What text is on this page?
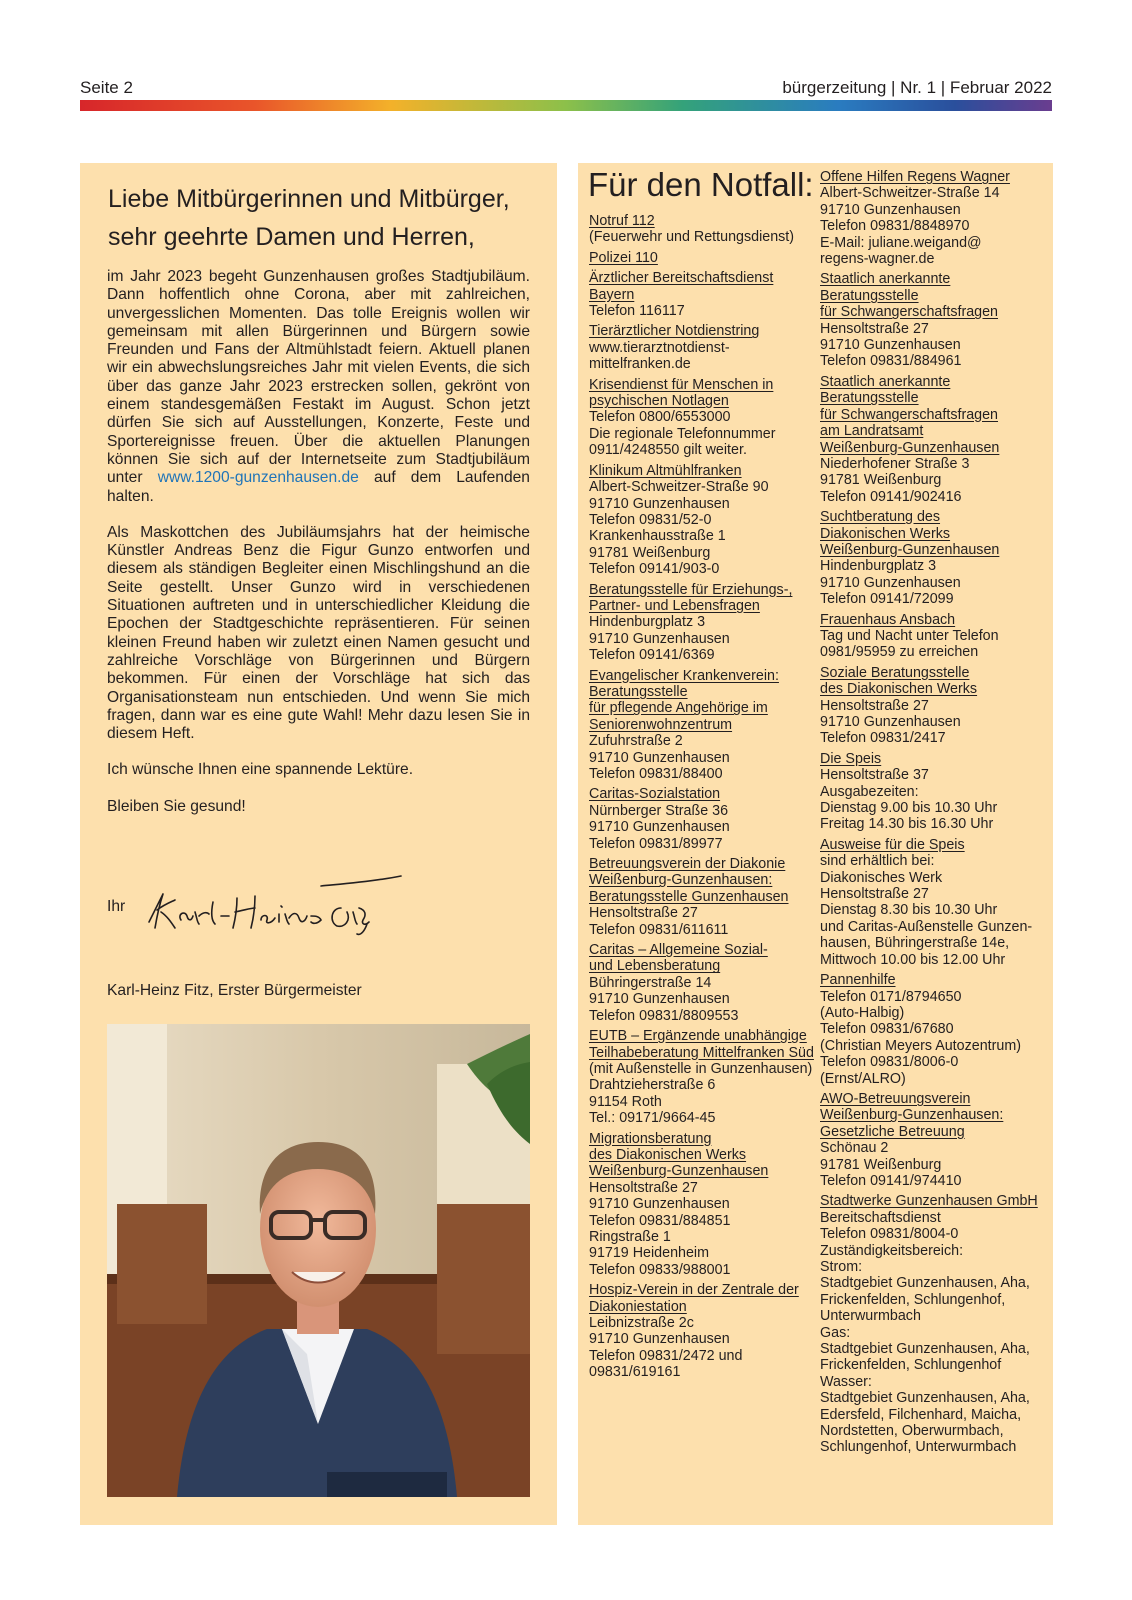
Seite 2	bürgerzeitung | Nr. 1 | Februar 2022
Liebe Mitbürgerinnen und Mitbürger,
sehr geehrte Damen und Herren,

im Jahr 2023 begeht Gunzenhausen großes Stadtjubiläum. Dann hoffentlich ohne Corona, aber mit zahlreichen, unvergesslichen Momenten. Das tolle Ereignis wollen wir gemeinsam mit allen Bürgerinnen und Bürgern sowie Freunden und Fans der Altmühlstadt feiern. Aktuell planen wir ein abwechslungsreiches Jahr mit vielen Events, die sich über das ganze Jahr 2023 erstrecken sollen, gekrönt von einem standesgemäßen Festakt im August. Schon jetzt dürfen Sie sich auf Ausstellungen, Konzerte, Feste und Sportereignisse freuen. Über die aktuellen Planungen können Sie sich auf der Internetseite zum Stadtjubiläum unter www.1200-gunzenhausen.de auf dem Laufenden halten.

Als Maskottchen des Jubiläumsjahrs hat der heimische Künstler Andreas Benz die Figur Gunzo entworfen und diesem als ständigen Begleiter einen Mischlingshund an die Seite gestellt. Unser Gunzo wird in verschiedenen Situationen auftreten und in unterschiedlicher Kleidung die Epochen der Stadtgeschichte repräsentieren. Für seinen kleinen Freund haben wir zuletzt einen Namen gesucht und zahlreiche Vorschläge von Bürgerinnen und Bürgern bekommen. Für einen der Vorschläge hat sich das Organisationsteam nun entschieden. Und wenn Sie mich fragen, dann war es eine gute Wahl! Mehr dazu lesen Sie in diesem Heft.

Ich wünsche Ihnen eine spannende Lektüre.

Bleiben Sie gesund!

Ihr
Karl-Heinz Fitz, Erster Bürgermeister
Für den Notfall:
Notruf 112
(Feuerwehr und Rettungsdienst)
Polizei 110
Ärztlicher Bereitschaftsdienst
Bayern
Telefon 116117
Tierärztlicher Notdienstring
www.tierarztnotdienst-mittelfranken.de
Krisendienst für Menschen in
psychischen Notlagen
Telefon 0800/6553000
Die regionale Telefonnummer
0911/4248550 gilt weiter.
Klinikum Altmühlfranken
Albert-Schweitzer-Straße 90
91710 Gunzenhausen
Telefon 09831/52-0
Krankenhausstraße 1
91781 Weißenburg
Telefon 09141/903-0
Beratungsstelle für Erziehungs-,
Partner- und Lebensfragen
Hindenburgplatz 3
91710 Gunzenhausen
Telefon 09141/6369
Evangelischer Krankenverein:
Beratungsstelle
für pflegende Angehörige im
Seniorenwohnzentrum
Zufuhrstraße 2
91710 Gunzenhausen
Telefon 09831/88400
Caritas-Sozialstation
Nürnberger Straße 36
91710 Gunzenhausen
Telefon 09831/89977
Betreuungsverein der Diakonie
Weißenburg-Gunzenhausen:
Beratungsstelle Gunzenhausen
Hensoltstraße 27
Telefon 09831/611611
Caritas – Allgemeine Sozial-
und Lebensberatung
Bühringerstraße 14
91710 Gunzenhausen
Telefon 09831/8809553
EUTB – Ergänzende unabhängige
Teilhabeberatung Mittelfranken Süd
(mit Außenstelle in Gunzenhausen)
Drahtzieherstraße 6
91154 Roth
Tel.: 09171/9664-45
Migrationsberatung
des Diakonischen Werks
Weißenburg-Gunzenhausen
Hensoltstraße 27
91710 Gunzenhausen
Telefon 09831/884851
Ringstraße 1
91719 Heidenheim
Telefon 09833/988001
Hospiz-Verein in der Zentrale der
Diakoniestation
Leibnizstraße 2c
91710 Gunzenhausen
Telefon 09831/2472 und
09831/619161
Offene Hilfen Regens Wagner
Albert-Schweitzer-Straße 14
91710 Gunzenhausen
Telefon 09831/8848970
E-Mail: juliane.weigand@
regens-wagner.de
Staatlich anerkannte
Beratungsstelle
für Schwangerschaftsfragen
Hensoltstraße 27
91710 Gunzenhausen
Telefon 09831/884961
Staatlich anerkannte Beratungsstelle
für Schwangerschaftsfragen
am Landratsamt
Weißenburg-Gunzenhausen
Niederhofener Straße 3
91781 Weißenburg
Telefon 09141/902416
Suchtberatung des
Diakonischen Werks
Weißenburg-Gunzenhausen
Hindenburgplatz 3
91710 Gunzenhausen
Telefon 09141/72099
Frauenhaus Ansbach
Tag und Nacht unter Telefon
0981/95959 zu erreichen
Soziale Beratungsstelle
des Diakonischen Werks
Hensoltstraße 27
91710 Gunzenhausen
Telefon 09831/2417
Die Speis
Hensoltstraße 37
Ausgabezeiten:
Dienstag 9.00 bis 10.30 Uhr
Freitag 14.30 bis 16.30 Uhr
Ausweise für die Speis
sind erhältlich bei:
Diakonisches Werk
Hensoltstraße 27
Dienstag 8.30 bis 10.30 Uhr
und Caritas-Außenstelle Gunzen-
hausen, Bühringerstraße 14e,
Mittwoch 10.00 bis 12.00 Uhr
Pannenhilfe
Telefon 0171/8794650
(Auto-Halbig)
Telefon 09831/67680
(Christian Meyers Autozentrum)
Telefon 09831/8006-0
(Ernst/ALRO)
AWO-Betreuungsverein
Weißenburg-Gunzenhausen:
Gesetzliche Betreuung
Schönau 2
91781 Weißenburg
Telefon 09141/974410
Stadtwerke Gunzenhausen GmbH
Bereitschaftsdienst
Telefon 09831/8004-0
Zuständigkeitsbereich:
Strom:
Stadtgebiet Gunzenhausen, Aha,
Frickenfelden, Schlungenhof,
Unterwurmbach
Gas:
Stadtgebiet Gunzenhausen, Aha,
Frickenfelden, Schlungenhof
Wasser:
Stadtgebiet Gunzenhausen, Aha,
Edersfeld, Filchenhard, Maicha,
Nordstetten, Oberwurmbach,
Schlungenhof, Unterwurmbach
